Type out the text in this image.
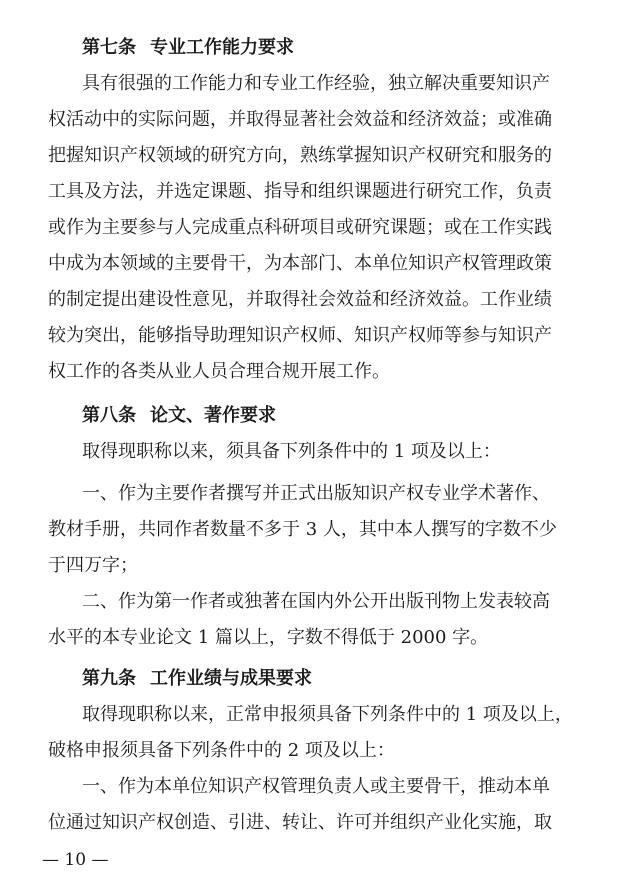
第七条 专业工作能力要求
具有很强的工作能力和专业工作经验，独立解决重要知识产
权活动中的实际问题，并取得显著社会效益和经济效益；或准确
把握知识产权领域的研究方向，熟练掌握知识产权研究和服务的
工具及方法，并选定课题、指导和组织课题进行研究工作，负责
或作为主要参与人完成重点科研项目或研究课题；或在工作实践
中成为本领域的主要骨干，为本部门、本单位知识产权管理政策
的制定提出建设性意见，并取得社会效益和经济效益。工作业绩
较为突出，能够指导助理知识产权师、知识产权师等参与知识产
权工作的各类从业人员合理合规开展工作。
第八条 论文、著作要求
取得现职称以来，须具备下列条件中的 1 项及以上：
一、作为主要作者撰写并正式出版知识产权专业学术著作、
教材手册，共同作者数量不多于 3 人，其中本人撰写的字数不少
于四万字；
二、作为第一作者或独著在国内外公开出版刊物上发表较高
水平的本专业论文 1 篇以上，字数不得低于 2000 字。
第九条 工作业绩与成果要求
取得现职称以来，正常申报须具备下列条件中的 1 项及以上，
破格申报须具备下列条件中的 2 项及以上：
一、作为本单位知识产权管理负责人或主要骨干，推动本单
位通过知识产权创造、引进、转让、许可并组织产业化实施，取
— 10 —
